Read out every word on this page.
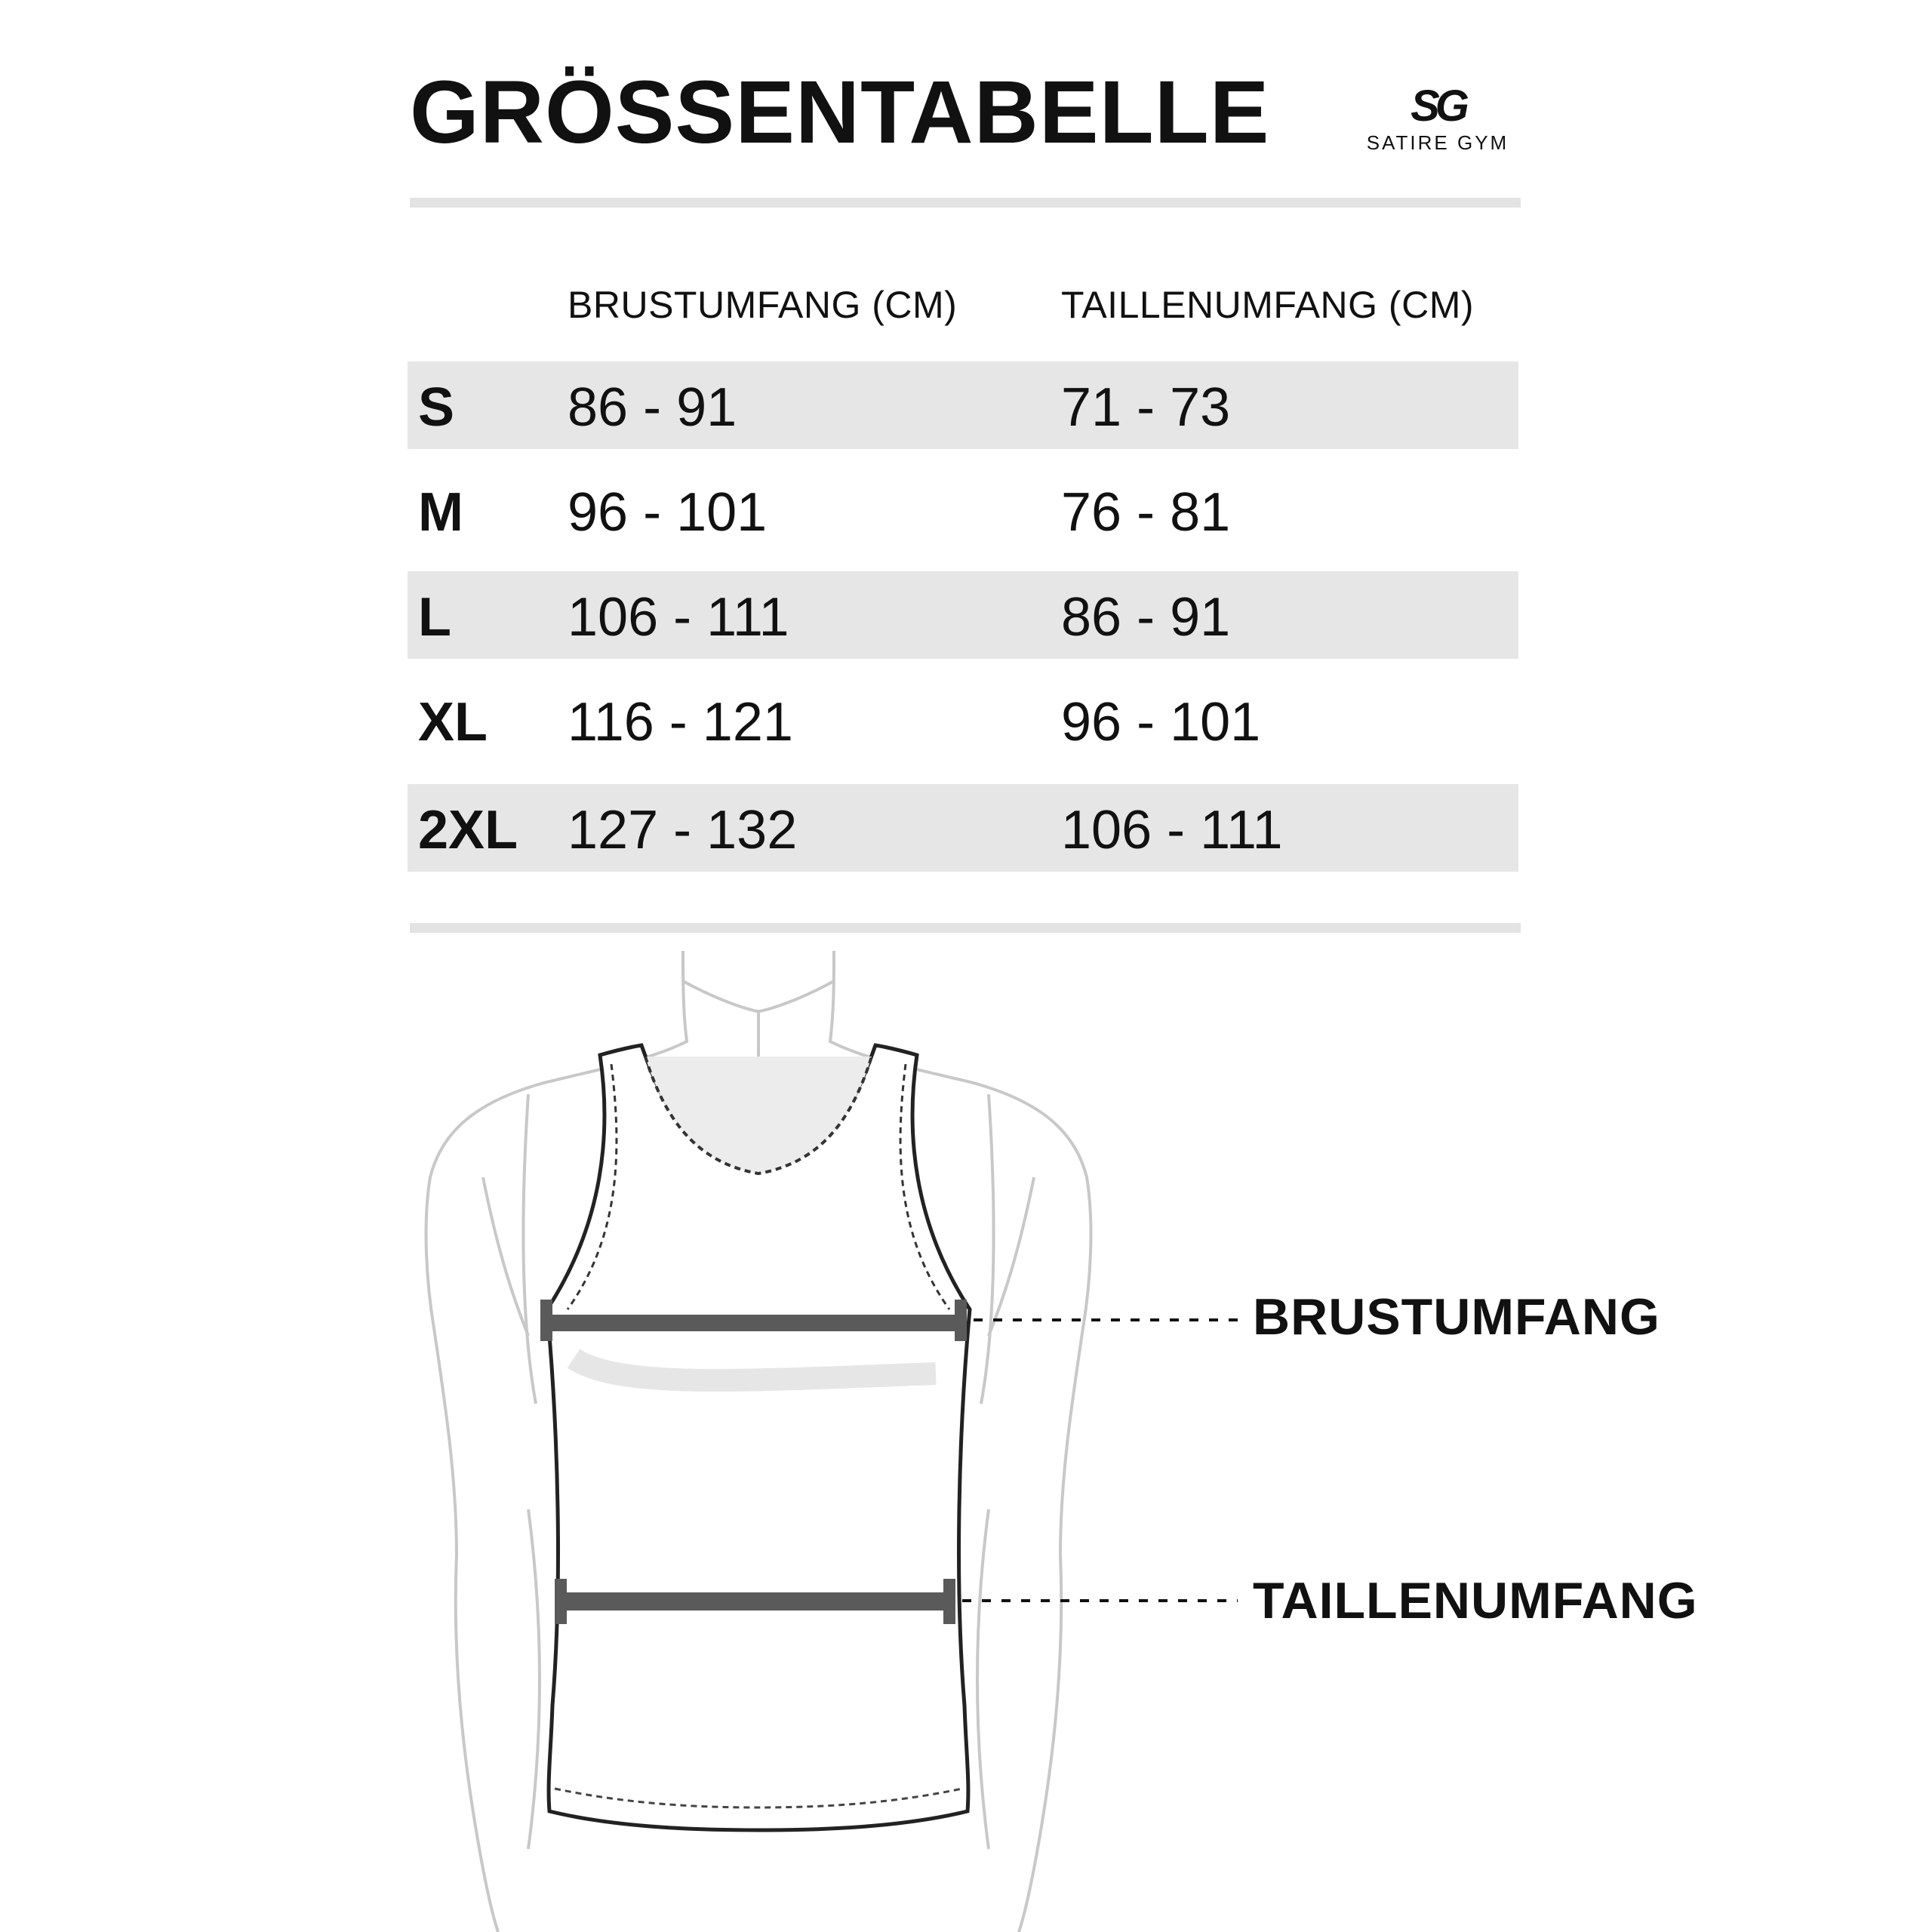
GRÖSSENTABELLE	SG
SATIRE GYM
BRUSTUMFANG (CM)	TAILLENUMFANG (CM)
S 86 - 91	71 - 73
M 96 - 101	76 - 81
L 106 - 111	86 - 91
XL 116 - 121	96 - 101
2XL 127 - 132	106 - 111
BRUSTUMFANG
TAILLENUMFANG
